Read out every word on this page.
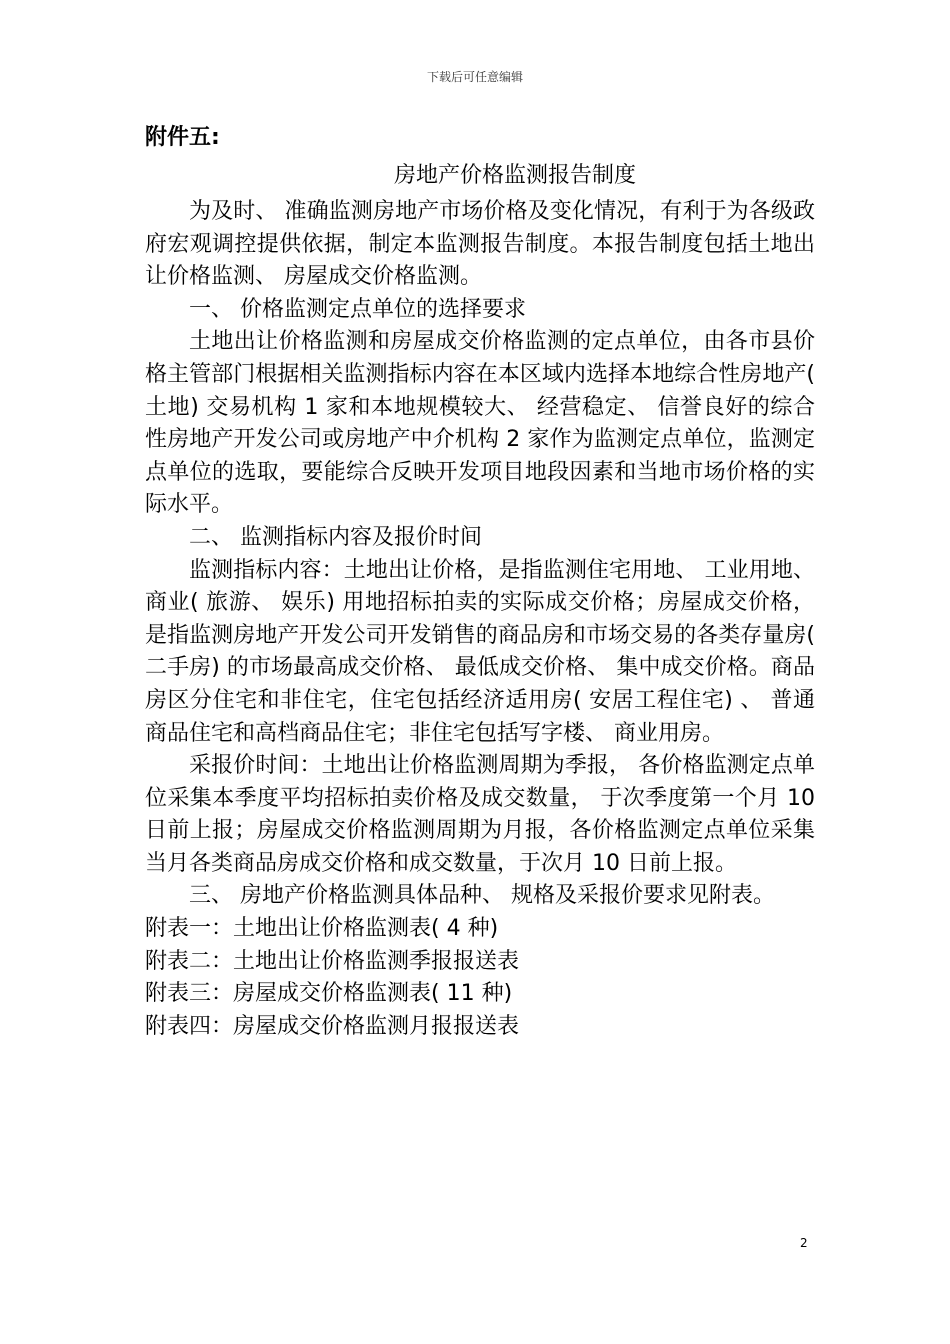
下载后可任意编辑

附件五:

房地产价格监测报告制度

为及时、 准确监测房地产市场价格及变化情况，有利于为各级政府宏观调控提供依据，制定本监测报告制度。本报告制度包括土地出让价格监测、 房屋成交价格监测。

一、 价格监测定点单位的选择要求

土地出让价格监测和房屋成交价格监测的定点单位，由各市县价格主管部门根据相关监测指标内容在本区域内选择本地综合性房地产( 土地) 交易机构 1 家和本地规模较大、 经营稳定、 信誉良好的综合性房地产开发公司或房地产中介机构 2 家作为监测定点单位，监测定点单位的选取，要能综合反映开发项目地段因素和当地市场价格的实际水平。

二、 监测指标内容及报价时间

监测指标内容：土地出让价格，是指监测住宅用地、 工业用地、 商业( 旅游、 娱乐) 用地招标拍卖的实际成交价格；房屋成交价格，是指监测房地产开发公司开发销售的商品房和市场交易的各类存量房( 二手房) 的市场最高成交价格、 最低成交价格、 集中成交价格。商品房区分住宅和非住宅，住宅包括经济适用房( 安居工程住宅) 、 普通商品住宅和高档商品住宅；非住宅包括写字楼、 商业用房。

采报价时间：土地出让价格监测周期为季报， 各价格监测定点单位采集本季度平均招标拍卖价格及成交数量， 于次季度第一个月 10 日前上报；房屋成交价格监测周期为月报，各价格监测定点单位采集当月各类商品房成交价格和成交数量，于次月 10 日前上报。

三、 房地产价格监测具体品种、 规格及采报价要求见附表。

附表一：土地出让价格监测表( 4 种)

附表二：土地出让价格监测季报报送表

附表三：房屋成交价格监测表( 11 种)

附表四：房屋成交价格监测月报报送表

2
